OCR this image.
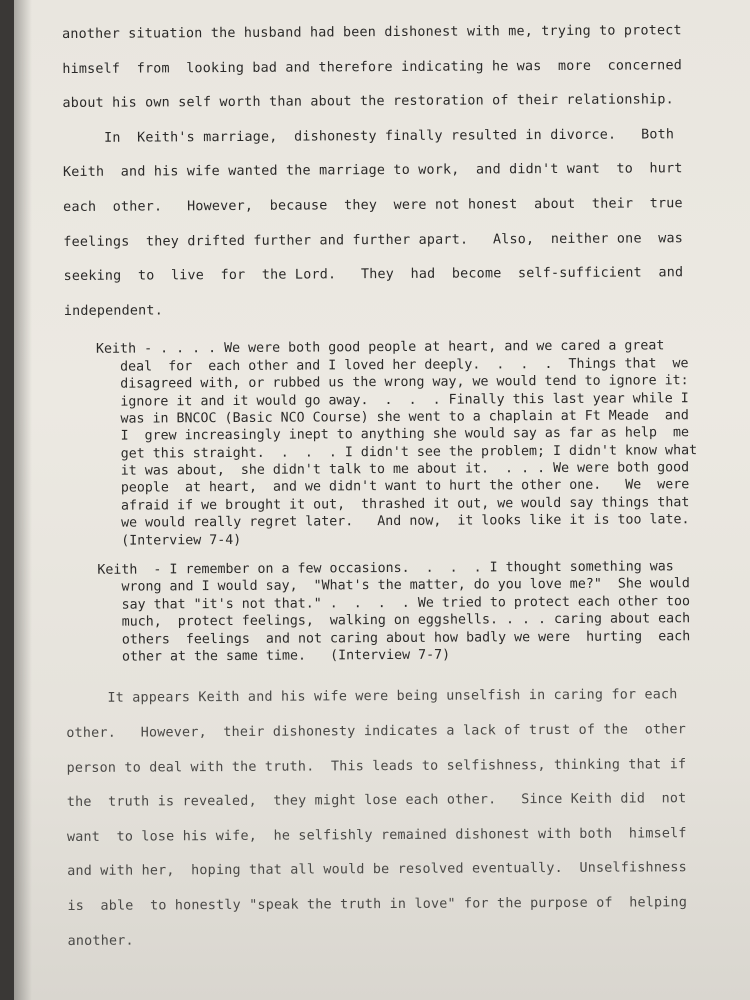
another situation the husband had been dishonest with me, trying to protect
himself  from  looking bad and therefore indicating he was  more  concerned
about his own self worth than about the restoration of their relationship.
In  Keith's marriage,  dishonesty finally resulted in divorce.   Both
Keith  and his wife wanted the marriage to work,  and didn't want  to  hurt
each  other.   However,  because  they  were not honest  about  their  true
feelings  they drifted further and further apart.   Also,  neither one  was
seeking  to  live  for  the Lord.   They  had  become  self-sufficient  and
independent.
Keith - . . . . We were both good people at heart, and we cared a great
deal  for  each other and I loved her deeply.  .  .  .  Things that  we
disagreed with, or rubbed us the wrong way, we would tend to ignore it:
ignore it and it would go away.  .  .  . Finally this last year while I
was in BNCOC (Basic NCO Course) she went to a chaplain at Ft Meade  and
I  grew increasingly inept to anything she would say as far as help  me
get this straight.  .  .  . I didn't see the problem; I didn't know what
it was about,  she didn't talk to me about it.  . . . We were both good
people  at heart,  and we didn't want to hurt the other one.   We  were
afraid if we brought it out,  thrashed it out, we would say things that
we would really regret later.   And now,  it looks like it is too late.
(Interview 7-4)
Keith  - I remember on a few occasions.  .  .  . I thought something was
wrong and I would say,  "What's the matter, do you love me?"  She would
say that "it's not that." .  .  .  . We tried to protect each other too
much,  protect feelings,  walking on eggshells. . . . caring about each
others  feelings  and not caring about how badly we were  hurting  each
other at the same time.   (Interview 7-7)
It appears Keith and his wife were being unselfish in caring for each
other.   However,  their dishonesty indicates a lack of trust of the  other
person to deal with the truth.  This leads to selfishness, thinking that if
the  truth is revealed,  they might lose each other.   Since Keith did  not
want  to lose his wife,  he selfishly remained dishonest with both  himself
and with her,  hoping that all would be resolved eventually.  Unselfishness
is  able  to honestly "speak the truth in love" for the purpose of  helping
another.
